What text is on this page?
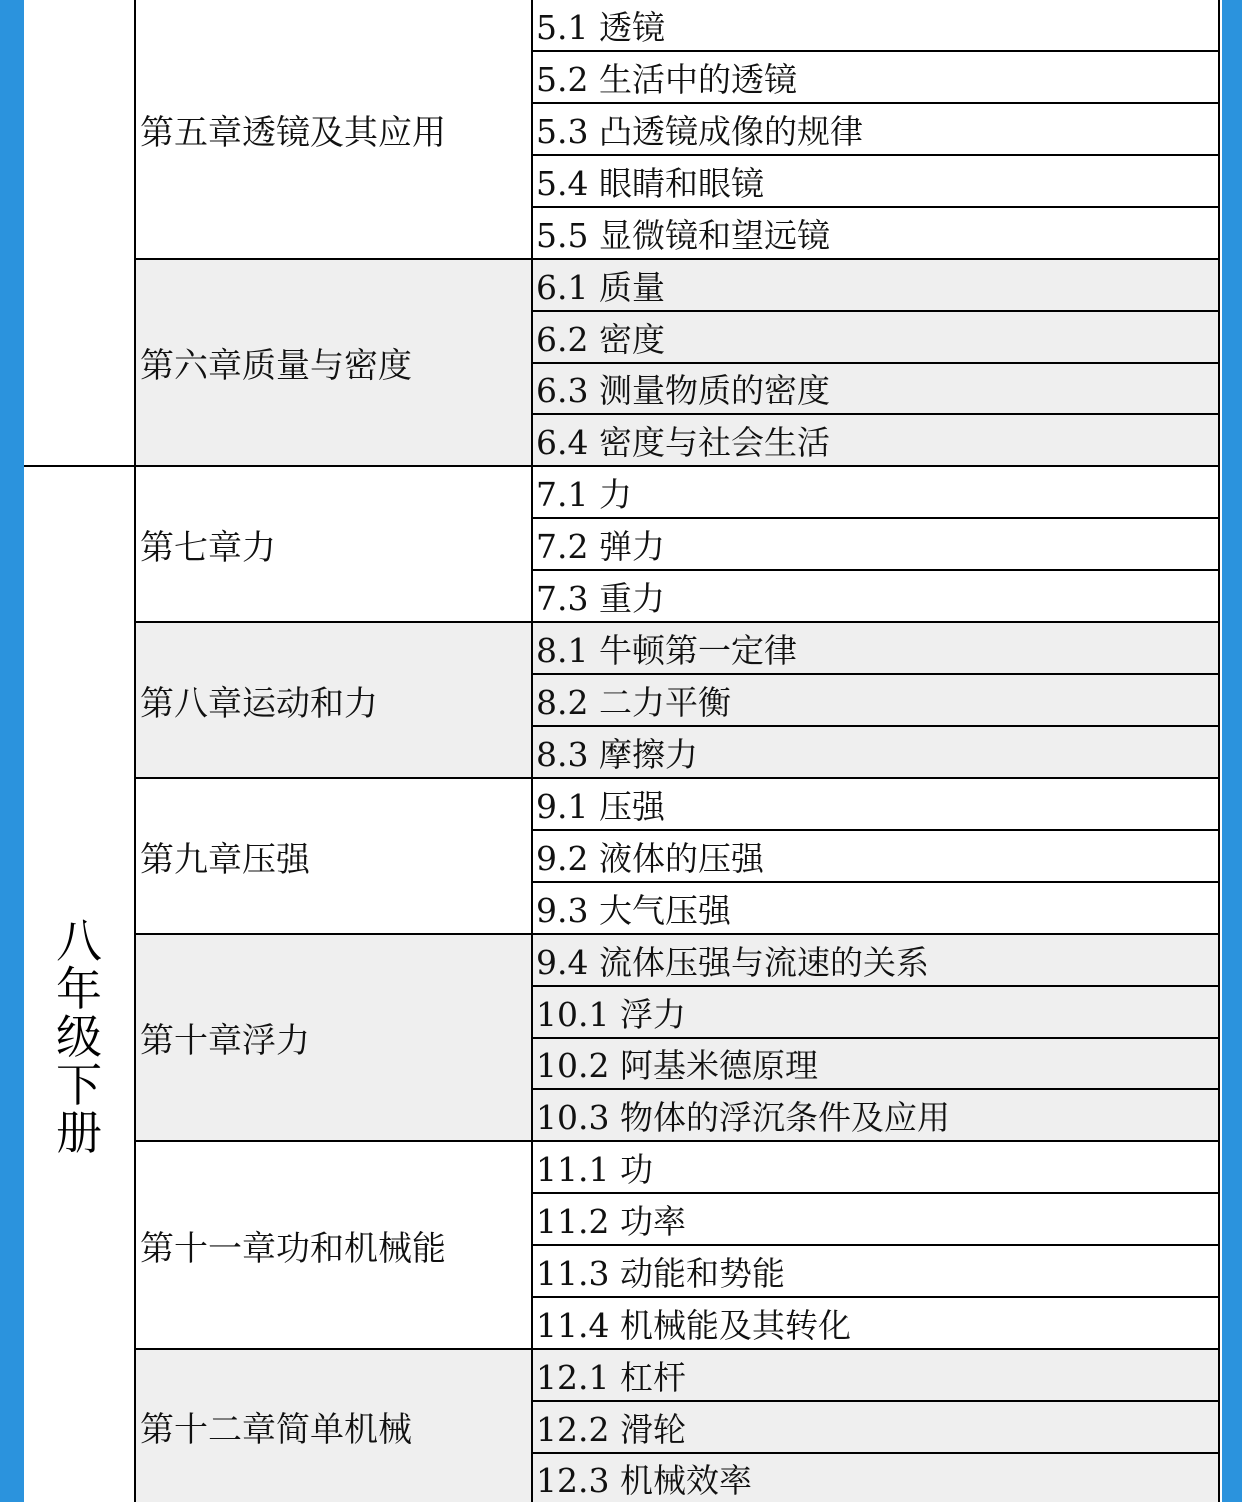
八
年
级
下
册
第五章透镜及其应用
5.1 透镜
5.2 生活中的透镜
5.3 凸透镜成像的规律
5.4 眼睛和眼镜
5.5 显微镜和望远镜
第六章质量与密度
6.1 质量
6.2 密度
6.3 测量物质的密度
6.4 密度与社会生活
第七章力
7.1 力
7.2 弹力
7.3 重力
第八章运动和力
8.1 牛顿第一定律
8.2 二力平衡
8.3 摩擦力
第九章压强
9.1 压强
9.2 液体的压强
9.3 大气压强
第十章浮力
9.4 流体压强与流速的关系
10.1 浮力
10.2 阿基米德原理
10.3 物体的浮沉条件及应用
第十一章功和机械能
11.1 功
11.2 功率
11.3 动能和势能
11.4 机械能及其转化
第十二章简单机械
12.1 杠杆
12.2 滑轮
12.3 机械效率
